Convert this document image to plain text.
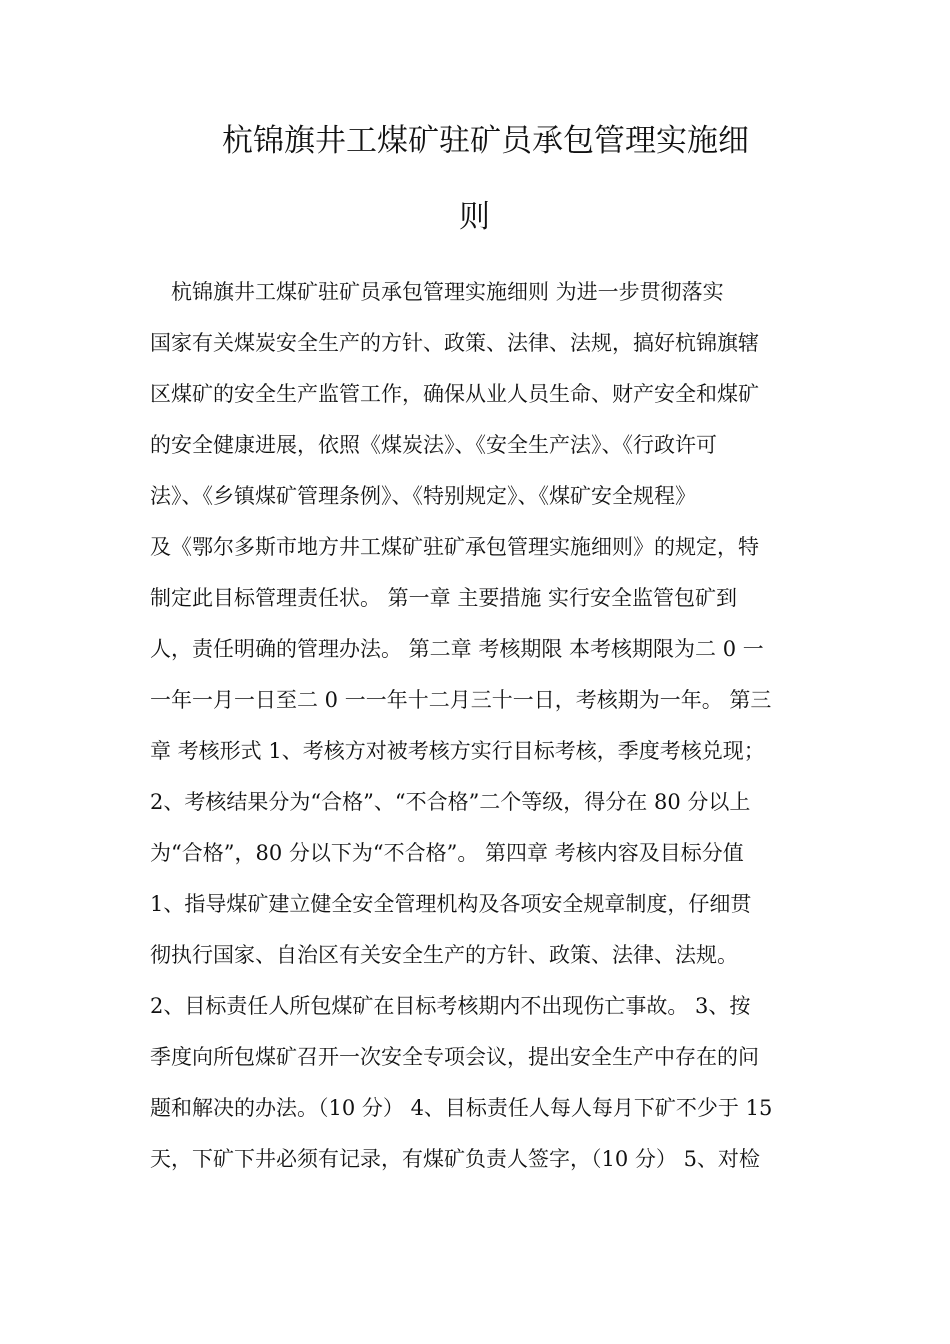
杭锦旗井工煤矿驻矿员承包管理实施细
则
　杭锦旗井工煤矿驻矿员承包管理实施细则 为进一步贯彻落实
国家有关煤炭安全生产的方针、政策、法律、法规，搞好杭锦旗辖
区煤矿的安全生产监管工作，确保从业人员生命、财产安全和煤矿
的安全健康进展，依照《煤炭法》、《安全生产法》、《行政许可
法》、《乡镇煤矿管理条例》、《特别规定》、《煤矿安全规程》
及《鄂尔多斯市地方井工煤矿驻矿承包管理实施细则》的规定，特
制定此目标管理责任状。 第一章 主要措施 实行安全监管包矿到
人，责任明确的管理办法。 第二章 考核期限 本考核期限为二 0 一
一年一月一日至二 0 一一年十二月三十一日，考核期为一年。 第三
章 考核形式 1、考核方对被考核方实行目标考核，季度考核兑现；
2、考核结果分为“合格”、“不合格”二个等级，得分在 80 分以上
为“合格”，80 分以下为“不合格”。 第四章 考核内容及目标分值
1、指导煤矿建立健全安全管理机构及各项安全规章制度，仔细贯
彻执行国家、自治区有关安全生产的方针、政策、法律、法规。
2、目标责任人所包煤矿在目标考核期内不出现伤亡事故。 3、按
季度向所包煤矿召开一次安全专项会议，提出安全生产中存在的问
题和解决的办法。（10 分） 4、目标责任人每人每月下矿不少于 15
天，下矿下井必须有记录，有煤矿负责人签字，（10 分） 5、对检
